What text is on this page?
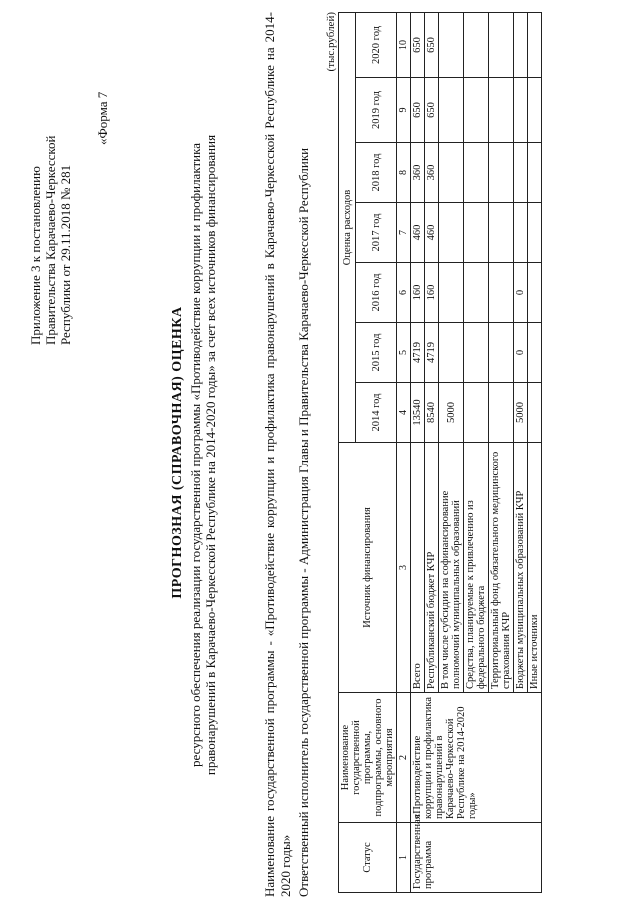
Приложение 3 к постановлению Правительства Карачаево-Черкесской Республики от 29.11.2018 № 281
«Форма 7
ПРОГНОЗНАЯ (СПРАВОЧНАЯ) ОЦЕНКА ресурсного обеспечения реализации государственной программы «Противодействие коррупции и профилактика правонарушений в Карачаево-Черкесской Республике на 2014-2020 годы» за счет всех источников финансирования	Наименование государственной программы - «Противодействие коррупции и профилактика правонарушений в Карачаево-Черкесской Республике на 2014-2020 годы» Ответственный исполнитель государственной программы - Администрация Главы и Правительства Карачаево-Черкесской Республики
(тыс.рублей)
Статус	Наименование государственной программы, подпрограммы, основного мероприятия	Источник финансирования	Оценка расходов						
			2014 год	2015 год	2016 год	2017 год	2018 год	2019 год	2020 год
1	2	3	4	5	6	7	8	9	10
Государственная программа	«Противодействие коррупции и профилактика правонарушений в Карачаево-Черкесской Республике на 2014-2020 годы»	Всего	13540	4719	160	460	360	650	650
		Республиканский бюджет КЧР	8540	4719	160	460	360	650	650
		В том числе субсидии на софинансирование полномочий муниципальных образований	5000						
		Средства, планируемые к привлечению из федерального бюджета							
		Территориальный фонд обязательного медицинского страхования КЧР							
		Бюджеты муниципальных образований КЧР	5000	0	0				
		Иные источники							
